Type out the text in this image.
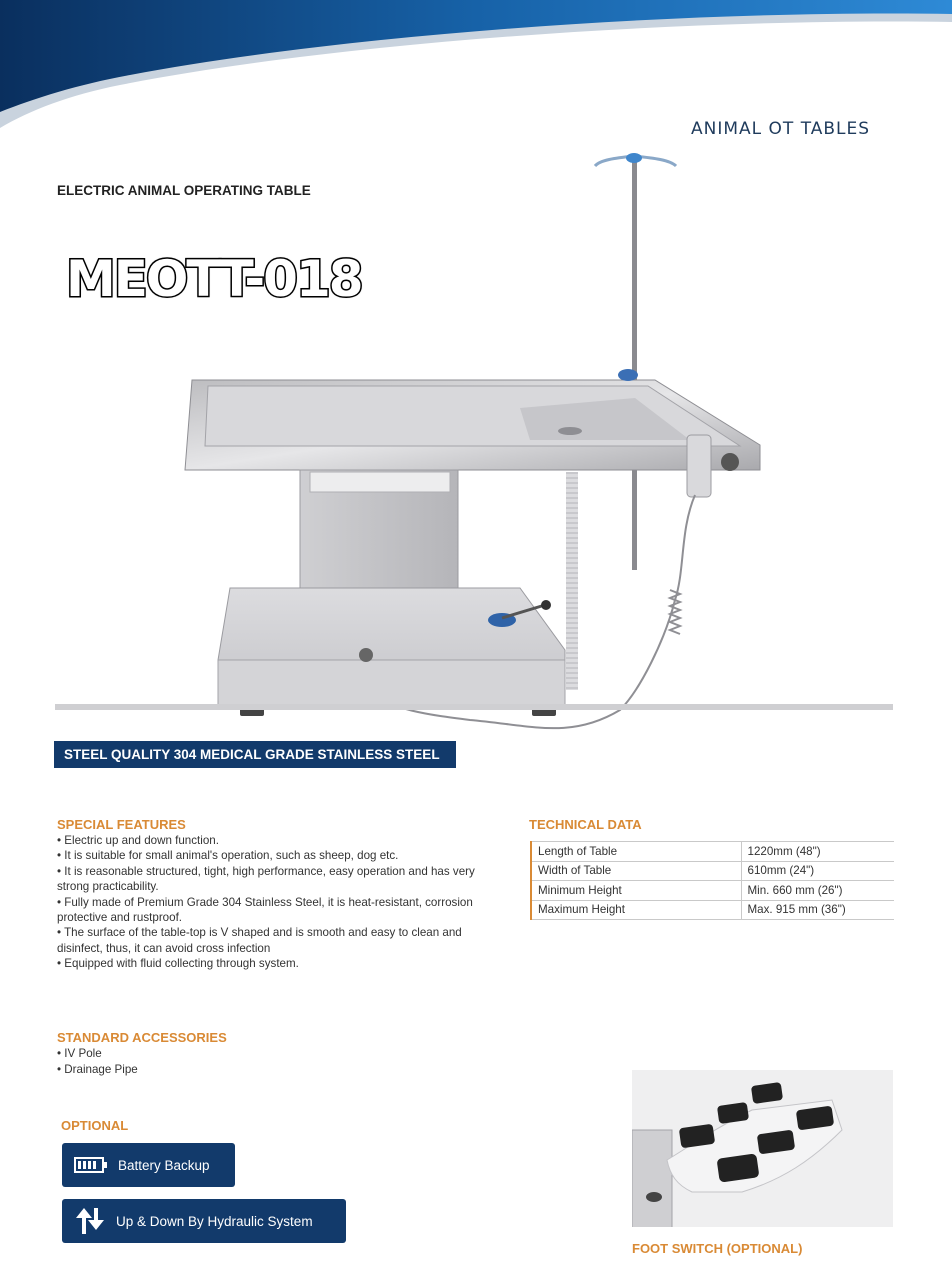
ANIMAL OT TABLES
ELECTRIC ANIMAL OPERATING TABLE
MEOTT-018
STEEL QUALITY 304 MEDICAL GRADE STAINLESS STEEL
SPECIAL FEATURES
• Electric up and down function.
• It is suitable for small animal's operation, such as sheep, dog etc.
• It is reasonable structured, tight, high performance, easy operation and has very strong practicability.
• Fully made of Premium Grade 304 Stainless Steel, it is heat-resistant, corrosion protective and rustproof.
• The surface of the table-top is V shaped and is smooth and easy to clean and disinfect, thus, it can avoid cross infection
• Equipped with fluid collecting through system.
TECHNICAL DATA
Length of Table	1220mm (48")
Width of Table	610mm (24")
Minimum Height	Min. 660 mm (26")
Maximum Height	Max. 915 mm (36")
STANDARD ACCESSORIES
• IV Pole
• Drainage Pipe
OPTIONAL
Battery Backup
Up & Down By Hydraulic System
FOOT SWITCH (OPTIONAL)
